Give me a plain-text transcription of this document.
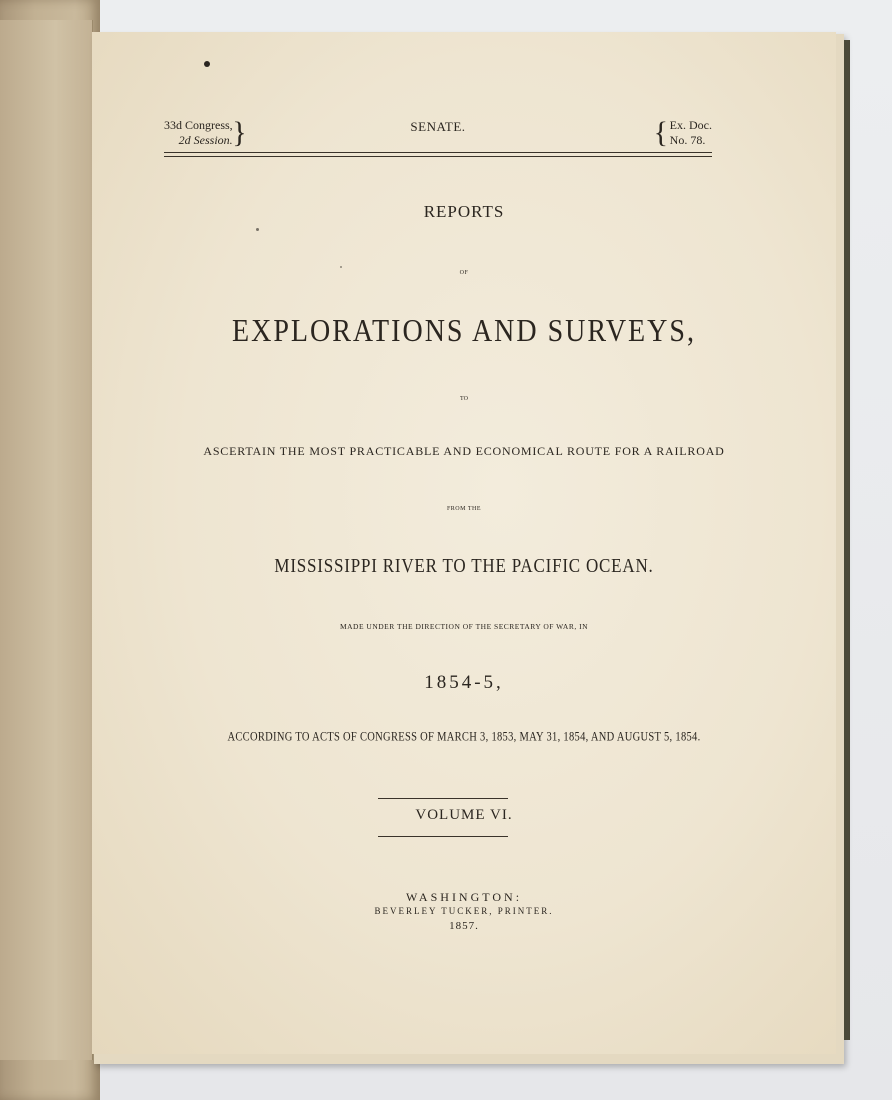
33d Congress,
2d Session. }	SENATE.	{ Ex. Doc.
No. 78.
REPORTS
OF
EXPLORATIONS AND SURVEYS,
TO
ASCERTAIN THE MOST PRACTICABLE AND ECONOMICAL ROUTE FOR A RAILROAD
FROM THE
MISSISSIPPI RIVER TO THE PACIFIC OCEAN.
MADE UNDER THE DIRECTION OF THE SECRETARY OF WAR, IN
1854-5,
ACCORDING TO ACTS OF CONGRESS OF MARCH 3, 1853, MAY 31, 1854, AND AUGUST 5, 1854.
VOLUME VI.
WASHINGTON:
BEVERLEY TUCKER, PRINTER.
1857.
